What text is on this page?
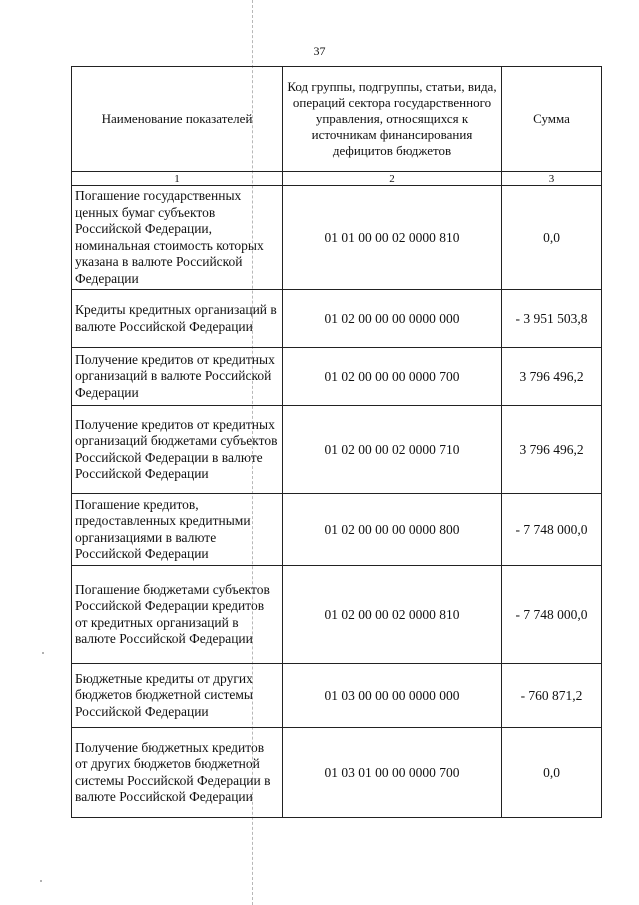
37
Наименование показателей	Код группы, подгруппы, статьи, вида, операций сектора государственного управления, относящихся к источникам финансирования дефицитов бюджетов	Сумма
1	2	3
Погашение государственных ценных бумаг субъектов Российской Федерации, номинальная стоимость которых указана в валюте Российской Федерации	01 01 00 00 02 0000 810	0,0
Кредиты кредитных организаций в валюте Российской Федерации	01 02 00 00 00 0000 000	- 3 951 503,8
Получение кредитов от кредитных организаций в валюте Российской Федерации	01 02 00 00 00 0000 700	3 796 496,2
Получение кредитов от кредитных организаций бюджетами субъектов Российской Федерации в валюте Российской Федерации	01 02 00 00 02 0000 710	3 796 496,2
Погашение кредитов, предоставленных кредитными организациями в валюте Российской Федерации	01 02 00 00 00 0000 800	- 7 748 000,0
Погашение бюджетами субъектов Российской Федерации кредитов от кредитных организаций в валюте Российской Федерации	01 02 00 00 02 0000 810	- 7 748 000,0
Бюджетные кредиты от других бюджетов бюджетной системы Российской Федерации	01 03 00 00 00 0000 000	- 760 871,2
Получение бюджетных кредитов от других бюджетов бюджетной системы Российской Федерации в валюте Российской Федерации	01 03 01 00 00 0000 700	0,0
